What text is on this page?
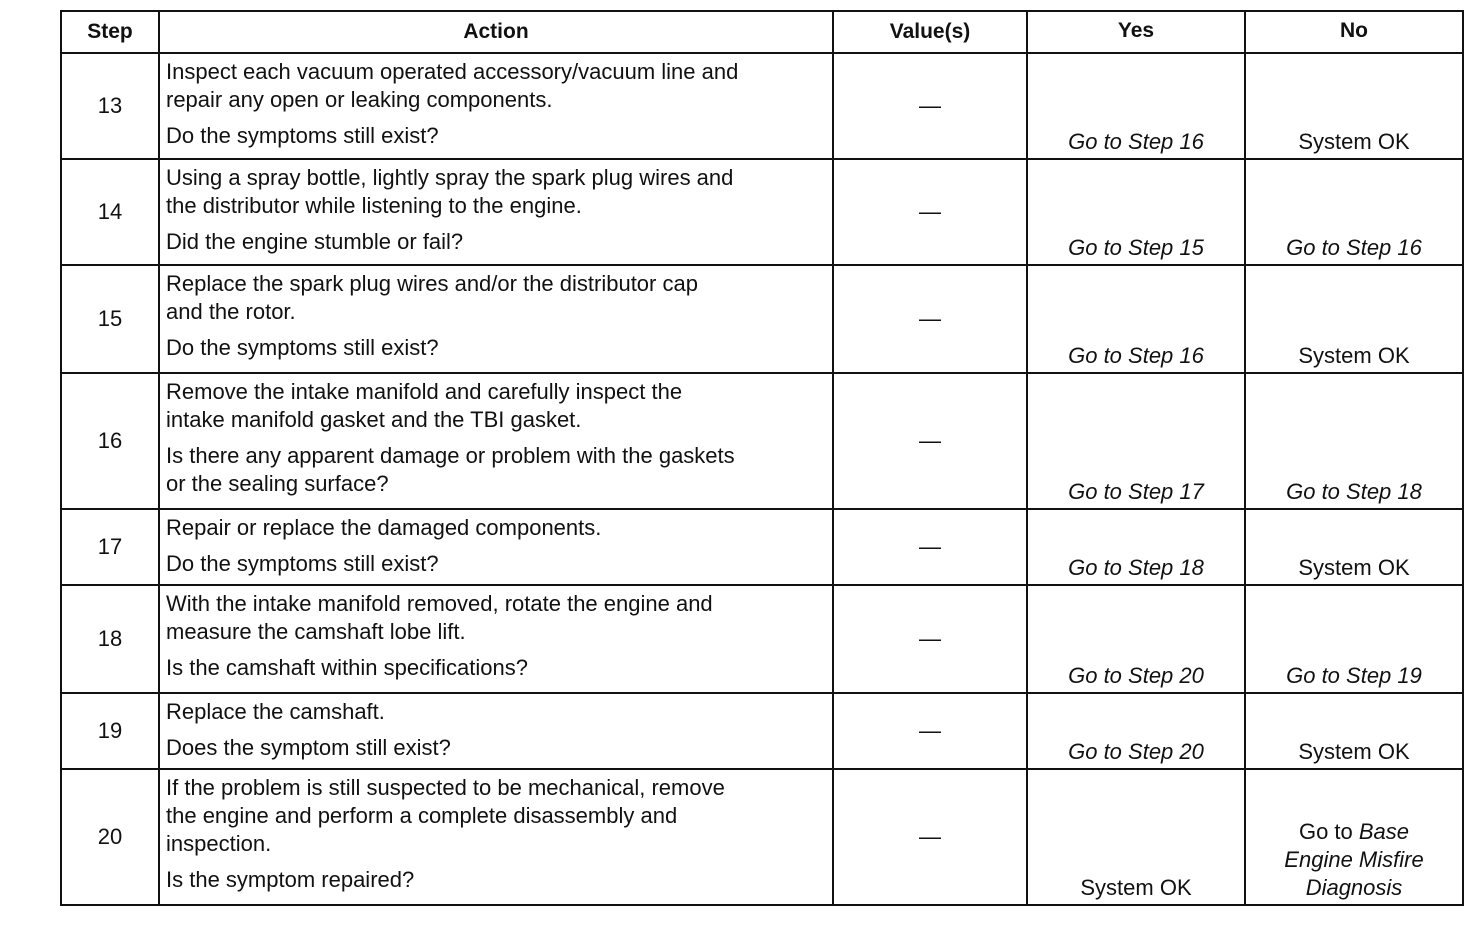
Step	Action	Value(s)	Yes	No
13	Inspect each vacuum operated accessory/vacuum line and
repair any open or leaking components.
Do the symptoms still exist?	—	Go to Step 16	System OK
14	Using a spray bottle, lightly spray the spark plug wires and
the distributor while listening to the engine.
Did the engine stumble or fail?	—	Go to Step 15	Go to Step 16
15	Replace the spark plug wires and/or the distributor cap
and the rotor.
Do the symptoms still exist?	—	Go to Step 16	System OK
16	Remove the intake manifold and carefully inspect the
intake manifold gasket and the TBI gasket.
Is there any apparent damage or problem with the gaskets
or the sealing surface?	—	Go to Step 17	Go to Step 18
17	Repair or replace the damaged components.
Do the symptoms still exist?	—	Go to Step 18	System OK
18	With the intake manifold removed, rotate the engine and
measure the camshaft lobe lift.
Is the camshaft within specifications?	—	Go to Step 20	Go to Step 19
19	Replace the camshaft.
Does the symptom still exist?	—	Go to Step 20	System OK
20	If the problem is still suspected to be mechanical, remove
the engine and perform a complete disassembly and
inspection.
Is the symptom repaired?	—	System OK	Go to Base
Engine Misfire
Diagnosis
